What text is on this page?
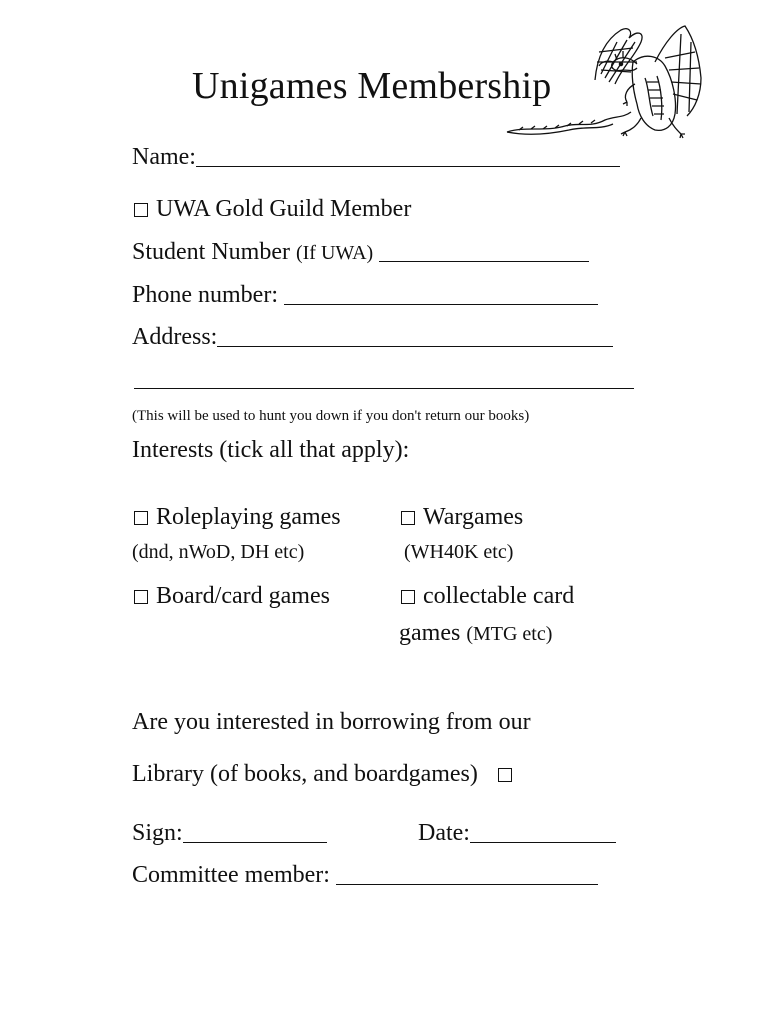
Unigames Membership
Name:
UWA Gold Guild Member
Student Number (If UWA)
Phone number:
Address:
(This will be used to hunt you down if you don't return our books)
Interests (tick all that apply):
Roleplaying games
(dnd, nWoD, DH etc)
Wargames
(WH40K etc)
Board/card games	collectable card
games (MTG etc)
Are you interested in borrowing from our
Library (of books, and boardgames)
Sign:	Date:
Committee member:
